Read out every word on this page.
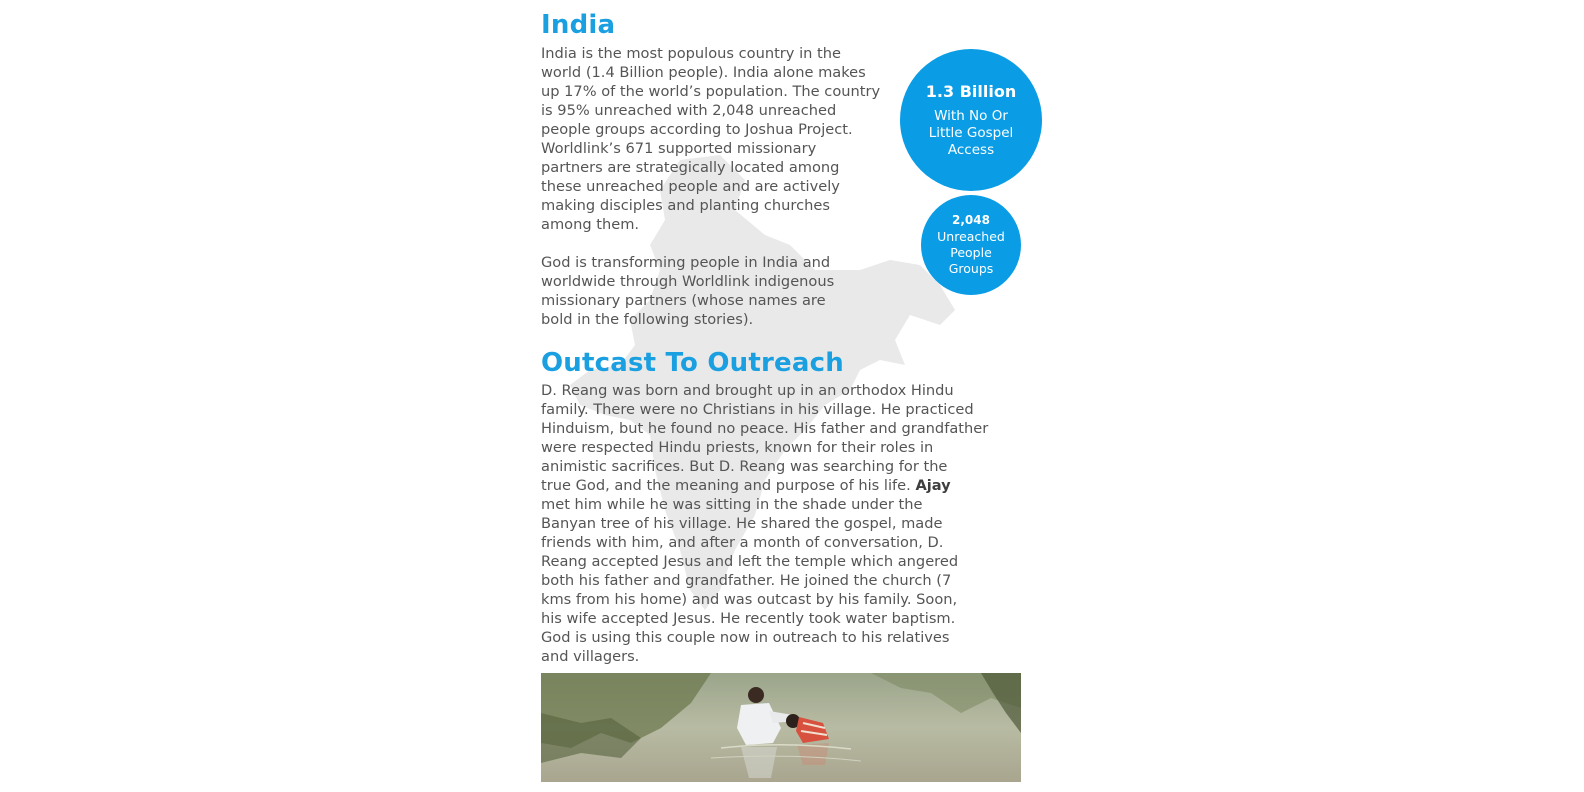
India
India is the most populous country in the
world (1.4 Billion people). India alone makes
up 17% of the world’s population. The country
is 95% unreached with 2,048 unreached
people groups according to Joshua Project.
Worldlink’s 671 supported missionary
partners are strategically located among
these unreached people and are actively
making disciples and planting churches
among them.
God is transforming people in India and
worldwide through Worldlink indigenous
missionary partners (whose names are
bold in the following stories).
1.3 Billion
With No Or Little Gospel Access
2,048
Unreached People Groups
Outcast To Outreach
D. Reang was born and brought up in an orthodox Hindu
family. There were no Christians in his village. He practiced
Hinduism, but he found no peace. His father and grandfather
were respected Hindu priests, known for their roles in
animistic sacrifices. But D. Reang was searching for the
true God, and the meaning and purpose of his life. Ajay
met him while he was sitting in the shade under the
Banyan tree of his village. He shared the gospel, made
friends with him, and after a month of conversation, D.
Reang accepted Jesus and left the temple which angered
both his father and grandfather. He joined the church (7
kms from his home) and was outcast by his family. Soon,
his wife accepted Jesus. He recently took water baptism.
God is using this couple now in outreach to his relatives
and villagers.
